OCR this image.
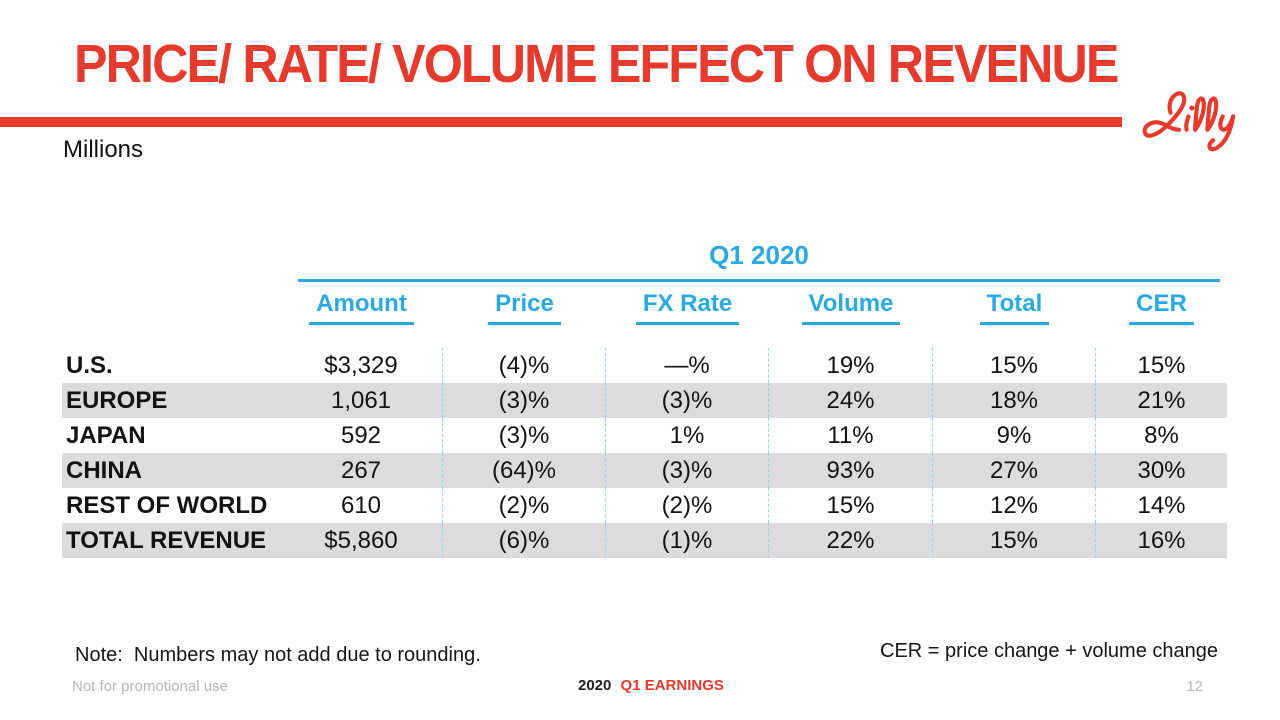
PRICE/ RATE/ VOLUME EFFECT ON REVENUE
Millions
Q1 2020
Amount	Price	FX Rate	Volume	Total	CER
U.S.	$3,329	(4)%	—%	19%	15%	15%
EUROPE	1,061	(3)%	(3)%	24%	18%	21%
JAPAN	592	(3)%	1%	11%	9%	8%
CHINA	267	(64)%	(3)%	93%	27%	30%
REST OF WORLD	610	(2)%	(2)%	15%	12%	14%
TOTAL REVENUE	$5,860	(6)%	(1)%	22%	15%	16%
Note:  Numbers may not add due to rounding.	CER = price change + volume change
Not for promotional use	2020 Q1 EARNINGS	12
